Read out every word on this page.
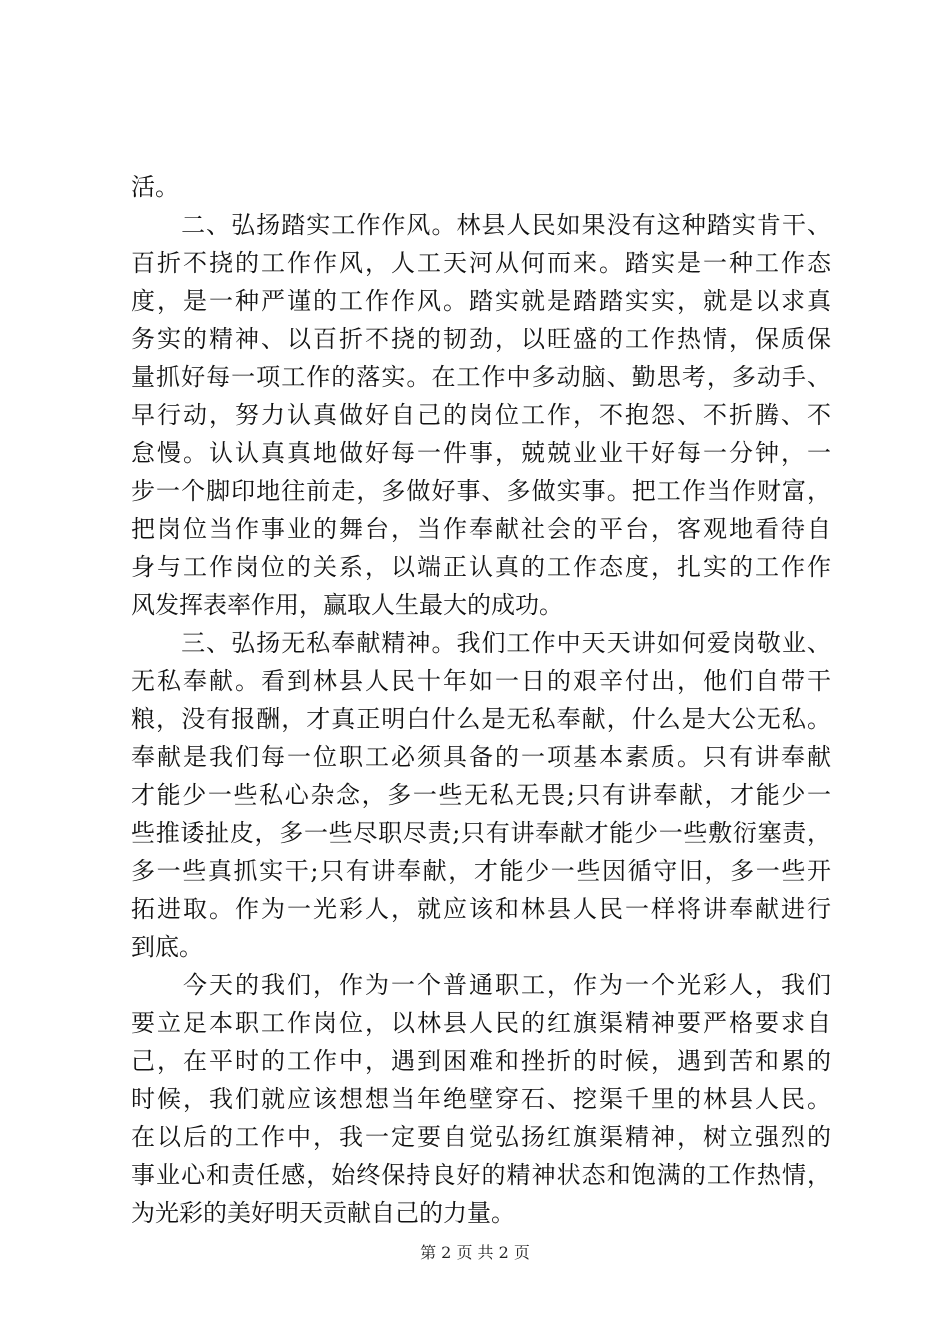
活。
　　二、弘扬踏实工作作风。林县人民如果没有这种踏实肯干、
百折不挠的工作作风，人工天河从何而来。踏实是一种工作态
度，是一种严谨的工作作风。踏实就是踏踏实实，就是以求真
务实的精神、以百折不挠的韧劲，以旺盛的工作热情，保质保
量抓好每一项工作的落实。在工作中多动脑、勤思考，多动手、
早行动，努力认真做好自己的岗位工作，不抱怨、不折腾、不
怠慢。认认真真地做好每一件事，兢兢业业干好每一分钟，一
步一个脚印地往前走，多做好事、多做实事。把工作当作财富，
把岗位当作事业的舞台，当作奉献社会的平台，客观地看待自
身与工作岗位的关系，以端正认真的工作态度，扎实的工作作
风发挥表率作用，赢取人生最大的成功。
　　三、弘扬无私奉献精神。我们工作中天天讲如何爱岗敬业、
无私奉献。看到林县人民十年如一日的艰辛付出，他们自带干
粮，没有报酬，才真正明白什么是无私奉献，什么是大公无私。
奉献是我们每一位职工必须具备的一项基本素质。只有讲奉献
才能少一些私心杂念，多一些无私无畏;只有讲奉献，才能少一
些推诿扯皮，多一些尽职尽责;只有讲奉献才能少一些敷衍塞责，
多一些真抓实干;只有讲奉献，才能少一些因循守旧，多一些开
拓进取。作为一光彩人，就应该和林县人民一样将讲奉献进行
到底。
　　今天的我们，作为一个普通职工，作为一个光彩人，我们
要立足本职工作岗位，以林县人民的红旗渠精神要严格要求自
己，在平时的工作中，遇到困难和挫折的时候，遇到苦和累的
时候，我们就应该想想当年绝壁穿石、挖渠千里的林县人民。
在以后的工作中，我一定要自觉弘扬红旗渠精神，树立强烈的
事业心和责任感，始终保持良好的精神状态和饱满的工作热情，
为光彩的美好明天贡献自己的力量。
第 2 页 共 2 页
